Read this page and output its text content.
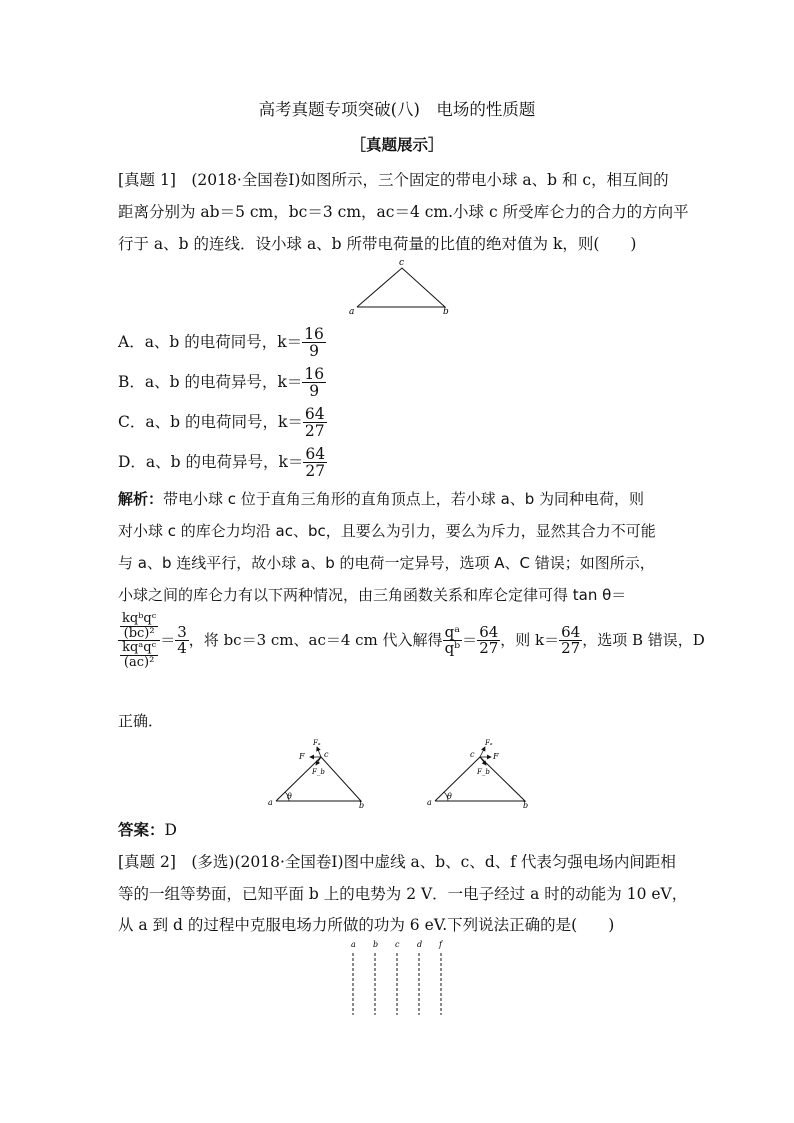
高考真题专项突破(八)　电场的性质题
［真题展示］
[真题 1]　(2018·全国卷Ⅰ)如图所示，三个固定的带电小球 a、b 和 c，相互间的
距离分别为 ab＝5 cm，bc＝3 cm，ac＝4 cm.小球 c 所受库仑力的合力的方向平
行于 a、b 的连线．设小球 a、b 所带电荷量的比值的绝对值为 k，则(　　)
a
c
b
A．a、b 的电荷同号，$k= \frac{16}{9}$
B．a、b 的电荷异号，$k= \frac{16}{9}$
C．a、b 的电荷同号，$k= \frac{64}{27}$
D．a、b 的电荷异号，$k= \frac{64}{27}$
解析：带电小球 c 位于直角三角形的直角顶点上，若小球 a、b 为同种电荷，则
对小球 c 的库仑力均沿 ac、bc，且要么为引力，要么为斥力，显然其合力不可能
与 a、b 连线平行，故小球 a、b 的电荷一定异号，选项 A、C 错误；如图所示，
小球之间的库仑力有以下两种情况，由三角函数关系和库仑定律可得 tan θ＝
$\frac{\frac{\text{kqᵇqᶜ}}{\text{(bc)²}}}{\frac{\text{kqᵃqᶜ}}{\text{(ac)²}}} = \frac{3}{4}$ ，将 bc＝3 cm、ac＝4 cm 代入解得 $\frac{\text{qᵃ}}{\text{qᵇ}} = \frac{64}{27}$ ，则 $k= \frac{64}{27}$ ，选项 B 错误，D
正确．
a
θ
b
c
F
Fₐ
F_b
a
θ
b
c F
Fₐ
F_b
答案：D
[真题 2]　(多选)(2018·全国卷Ⅰ)图中虚线 a、b、c、d、f 代表匀强电场内间距相
等的一组等势面，已知平面 b 上的电势为 2 V．一电子经过 a 时的动能为 10 eV，
从 a 到 d 的过程中克服电场力所做的功为 6 eV.下列说法正确的是(　　)
a b c d f
